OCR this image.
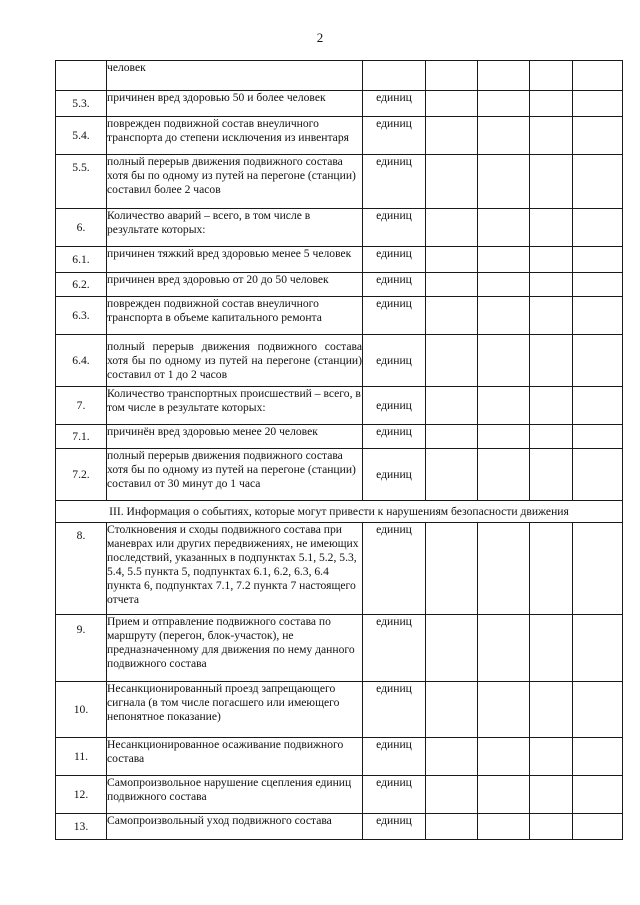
2
	человек					
5.3.	причинен вред здоровью 50 и более человек	единиц				
5.4.	поврежден подвижной состав внеуличного транспорта до степени исключения из инвентаря	единиц				
5.5.	полный перерыв движения подвижного состава хотя бы по одному из путей на перегоне (станции) составил более 2 часов	единиц				
6.	Количество аварий – всего, в том числе в результате которых:	единиц				
6.1.	причинен тяжкий вред здоровью менее 5 человек	единиц				
6.2.	причинен вред здоровью от 20 до 50 человек	единиц				
6.3.	поврежден подвижной состав внеуличного транспорта в объеме капитального ремонта	единиц				
6.4.	полный перерыв движения подвижного состава хотя бы по одному из путей на перегоне (станции) составил от 1 до 2 часов	единиц				
7.	Количество транспортных происшествий – всего, в том числе в результате которых:	единиц				
7.1.	причинён вред здоровью менее 20 человек	единиц				
7.2.	полный перерыв движения подвижного состава хотя бы по одному из путей на перегоне (станции) составил от 30 минут до 1 часа	единиц				
III. Информация о событиях, которые могут привести к нарушениям безопасности движения						
8.	Столкновения и сходы подвижного состава при маневрах или других передвижениях, не имеющих последствий, указанных в подпунктах 5.1, 5.2, 5.3, 5.4, 5.5 пункта 5, подпунктах 6.1, 6.2, 6.3, 6.4 пункта 6, подпунктах 7.1, 7.2 пункта 7 настоящего отчета	единиц				
9.	Прием и отправление подвижного состава по маршруту (перегон, блок-участок), не предназначенному для движения по нему данного подвижного состава	единиц				
10.	Несанкционированный проезд запрещающего сигнала (в том числе погасшего или имеющего непонятное показание)	единиц				
11.	Несанкционированное осаживание подвижного состава	единиц				
12.	Самопроизвольное нарушение сцепления единиц подвижного состава	единиц				
13.	Самопроизвольный уход подвижного состава	единиц				
